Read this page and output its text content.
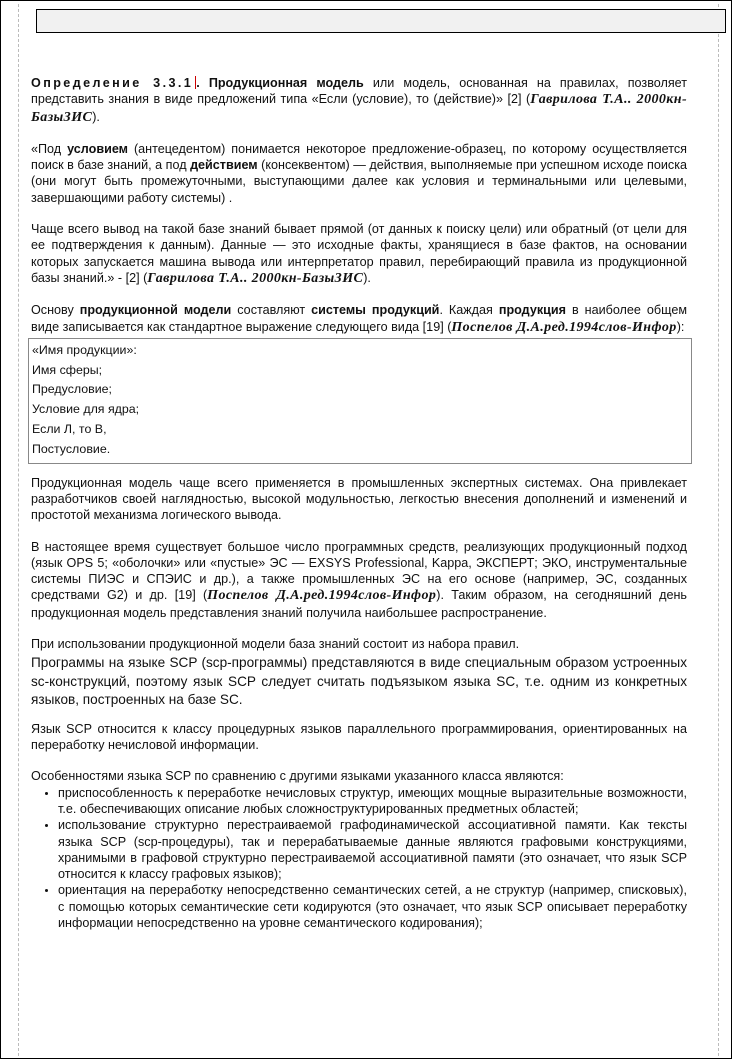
Определение 3.3.1 . Продукционная модель или модель, основанная на правилах, позволяет представить знания в виде предложений типа «Если (условие), то (действие)» [2] (Гаврилова Т.А.. 2000кн-БазыЗИС).

«Под условием (антецедентом) понимается некоторое предложение-образец, по которому осуществляется поиск в базе знаний, а под действием (консеквентом) — действия, выполняемые при успешном исходе поиска (они могут быть промежуточными, выступающими далее как условия и терминальными или целевыми, завершающими работу системы) .

Чаще всего вывод на такой базе знаний бывает прямой (от данных к поиску цели) или обратный (от цели для ее подтверждения к данным). Данные — это исходные факты, хранящиеся в базе фактов, на основании которых запускается машина вывода или интерпретатор правил, перебирающий правила из продукционной базы знаний.» - [2] (Гаврилова Т.А.. 2000кн-БазыЗИС).

Основу продукционной модели составляют системы продукций. Каждая продукция в наиболее общем виде записывается как стандартное выражение следующего вида [19] (Поспелов Д.А.ред.1994слов-Инфор):

«Имя продукции»:
Имя сферы;
Предусловие;
Условие для ядра;
Если Л, то В,
Постусловие.

Продукционная модель чаще всего применяется в промышленных экспертных системах. Она привлекает разработчиков своей наглядностью, высокой модульностью, легкостью внесения дополнений и изменений и простотой механизма логического вывода.

В настоящее время существует большое число программных средств, реализующих продукционный подход (язык OPS 5; «оболочки» или «пустые» ЭС — EXSYS Professional, Kappa, ЭКСПЕРТ; ЭКО, инструментальные системы ПИЭС и СПЭИС и др.), а также промышленных ЭС на его основе (например, ЭС, созданных средствами G2) и др. [19] (Поспелов Д.А.ред.1994слов-Инфор). Таким образом, на сегодняшний день продукционная модель представления знаний получила наибольшее распространение.

При использовании продукционной модели база знаний состоит из набора правил.

Программы на языке SCP (scp-программы) представляются в виде специальным образом устроенных sc-конструкций, поэтому язык SCP следует считать подъязыком языка SC, т.е. одним из конкретных языков, построенных на базе SC.

Язык SCP относится к классу процедурных языков параллельного программирования, ориентированных на переработку нечисловой информации.

Особенностями языка SCP по сравнению с другими языками указанного класса являются:

• приспособленность к переработке нечисловых структур, имеющих мощные выразительные возможности, т.е. обеспечивающих описание любых сложноструктурированных предметных областей;
• использование структурно перестраиваемой графодинамической ассоциативной памяти. Как тексты языка SCP (scp-процедуры), так и перерабатываемые данные являются графовыми конструкциями, хранимыми в графовой структурно перестраиваемой ассоциативной памяти (это означает, что язык SCP относится к классу графовых языков);
• ориентация на переработку непосредственно семантических сетей, а не структур (например, списковых), с помощью которых семантические сети кодируются (это означает, что язык SCP описывает переработку информации непосредственно на уровне семантического кодирования);
